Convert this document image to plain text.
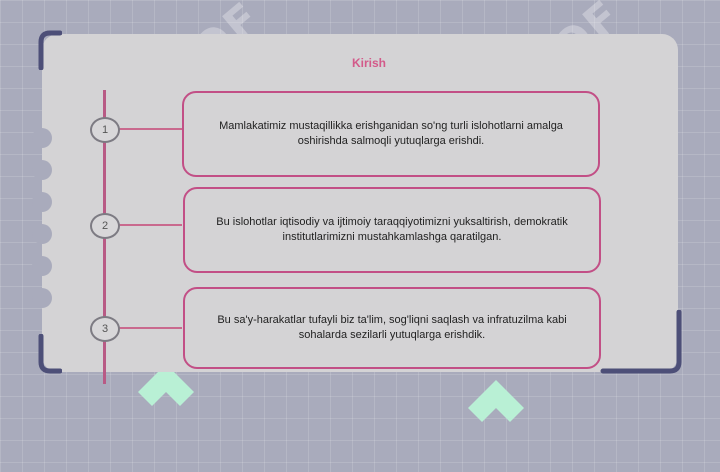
Kirish
1
2
3
Mamlakatimiz mustaqillikka erishganidan so'ng turli islohotlarni amalga oshirishda salmoqli yutuqlarga erishdi.
Bu islohotlar iqtisodiy va ijtimoiy taraqqiyotimizni yuksaltirish, demokratik institutlarimizni mustahkamlashga qaratilgan.
Bu sa'y-harakatlar tufayli biz ta'lim, sog'liqni saqlash va infratuzilma kabi sohalarda sezilarli yutuqlarga erishdik.
